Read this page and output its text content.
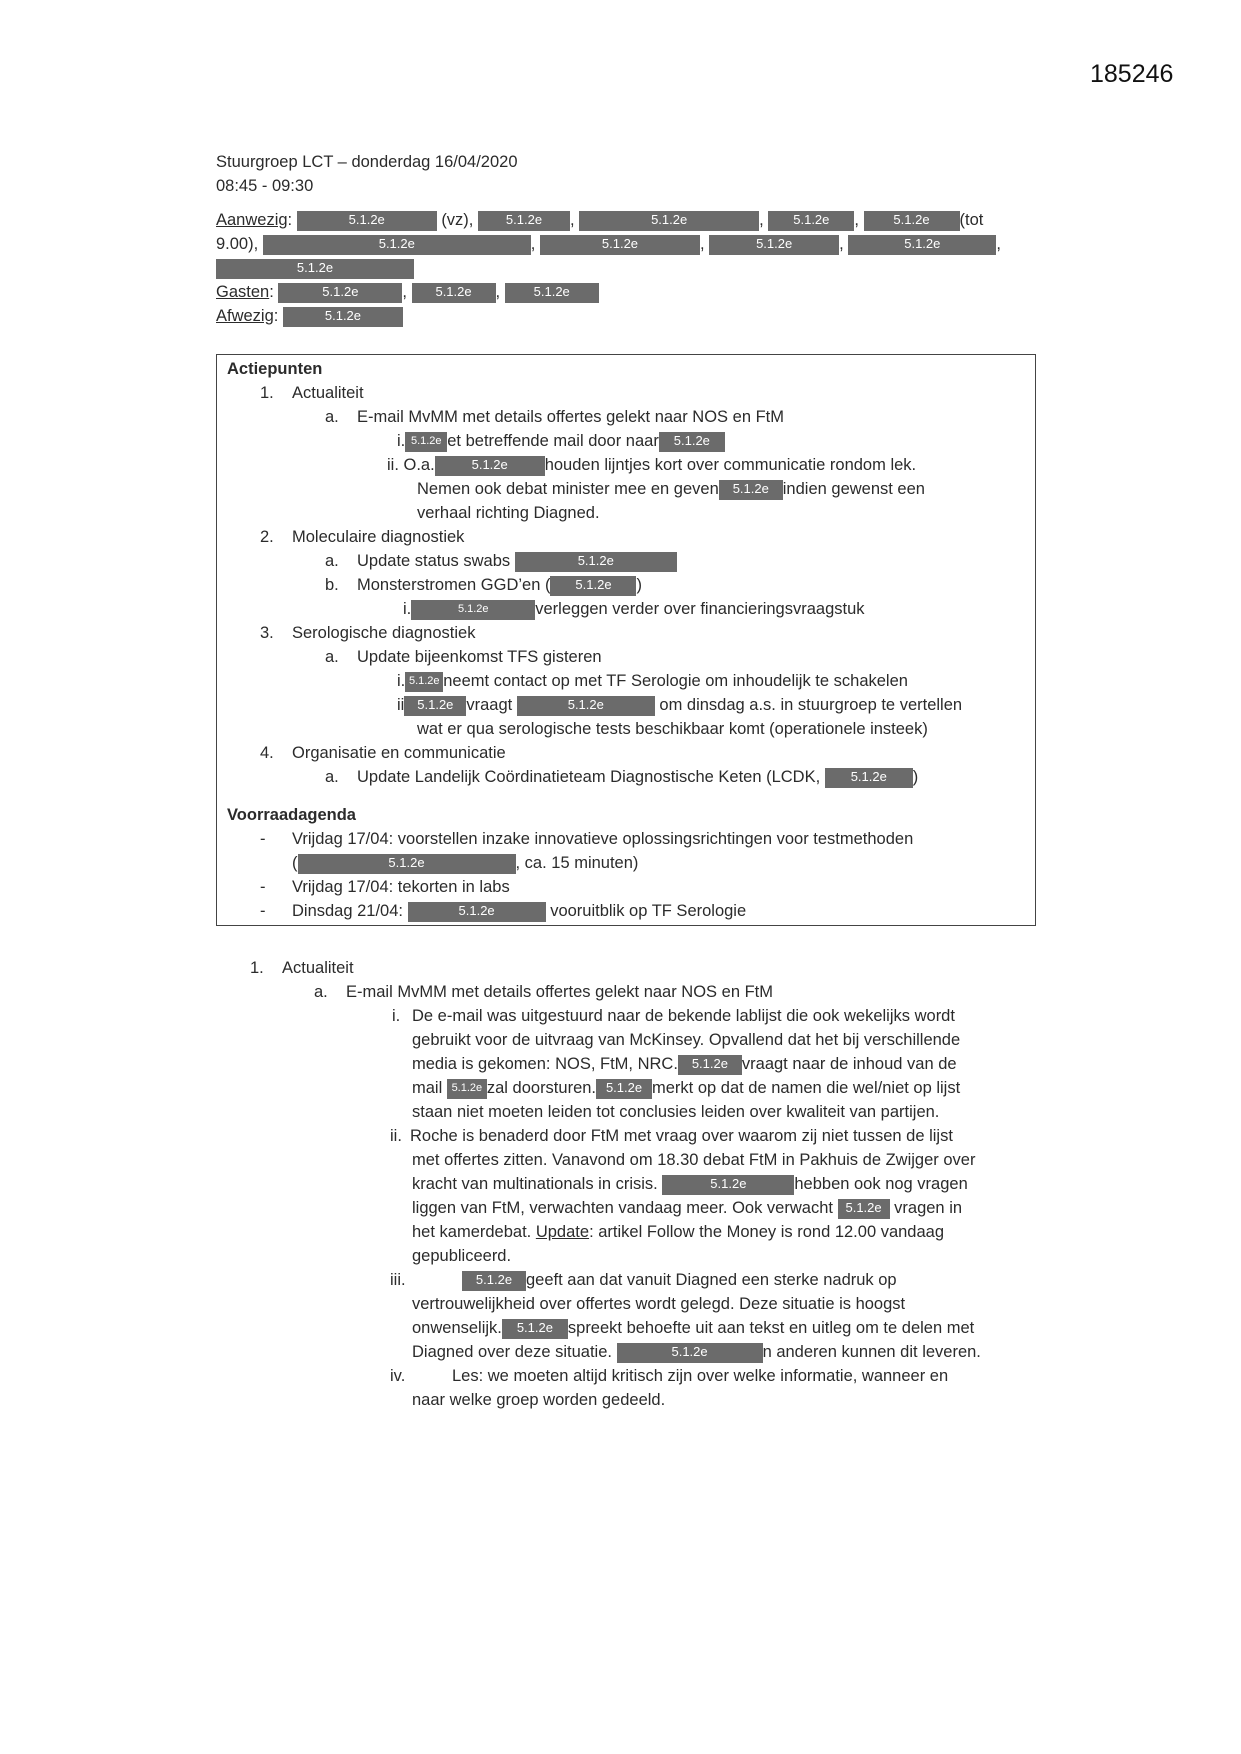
185246
Stuurgroep LCT – donderdag 16/04/2020
08:45 - 09:30
Aanwezig:	5.1.2e	(vz),	5.1.2e ,	5.1.2e	, 5.1.2e , 5.1.2e (tot
9.00),	5.1.2e	,	5.1.2e	,	5.1.2e	,	5.1.2e	,
5.1.2e
Gasten:	5.1.2e	, 5.1.2e , 5.1.2e
Afwezig:	5.1.2e
Actiepunten
1. Actualiteit
a. E-mail MvMM met details offertes gelekt naar NOS en FtM
i. 5.1.2e et betreffende mail door naar 5.1.2e
ii. O.a.	5.1.2e houden lijntjes kort over communicatie rondom lek.
Nemen ook debat minister mee en geven 5.1.2e indien gewenst een
verhaal richting Diagned.
2. Moleculaire diagnostiek
a. Update status swabs	5.1.2e
b. Monsterstromen GGD’en ( 5.1.2e )
i.	5.1.2e	verleggen verder over financieringsvraagstuk
3. Serologische diagnostiek
a. Update bijeenkomst TFS gisteren
i. 5.1.2e neemt contact op met TF Serologie om inhoudelijk te schakelen
ii 5.1.2e vraagt	5.1.2e	om dinsdag a.s. in stuurgroep te vertellen
wat er qua serologische tests beschikbaar komt (operationele insteek)
4. Organisatie en communicatie
a. Update Landelijk Coördinatieteam Diagnostische Keten (LCDK, 5.1.2e )
Voorraadagenda
- Vrijdag 17/04: voorstellen inzake innovatieve oplossingsrichtingen voor testmethoden
(	5.1.2e	, ca. 15 minuten)
- Vrijdag 17/04: tekorten in labs
- Dinsdag 21/04:	5.1.2e	vooruitblik op TF Serologie
1. Actualiteit
a. E-mail MvMM met details offertes gelekt naar NOS en FtM
i. De e-mail was uitgestuurd naar de bekende lablijst die ook wekelijks wordt
gebruikt voor de uitvraag van McKinsey. Opvallend dat het bij verschillende
media is gekomen: NOS, FtM, NRC. 5.1.2e vraagt naar de inhoud van de
mail 5.1.2e zal doorsturen. 5.1.2e merkt op dat de namen die wel/niet op lijst
staan niet moeten leiden tot conclusies leiden over kwaliteit van partijen.
ii. Roche is benaderd door FtM met vraag over waarom zij niet tussen de lijst
met offertes zitten. Vanavond om 18.30 debat FtM in Pakhuis de Zwijger over
kracht van multinationals in crisis.	5.1.2e	hebben ook nog vragen
liggen van FtM, verwachten vandaag meer. Ook verwacht 5.1.2e vragen in
het kamerdebat. Update: artikel Follow the Money is rond 12.00 vandaag
gepubliceerd.
iii.	5.1.2e geeft aan dat vanuit Diagned een sterke nadruk op
vertrouwelijkheid over offertes wordt gelegd. Deze situatie is hoogst
onwenselijk. 5.1.2e spreekt behoefte uit aan tekst en uitleg om te delen met
Diagned over deze situatie.	5.1.2e	n anderen kunnen dit leveren.
iv.	Les: we moeten altijd kritisch zijn over welke informatie, wanneer en
naar welke groep worden gedeeld.
